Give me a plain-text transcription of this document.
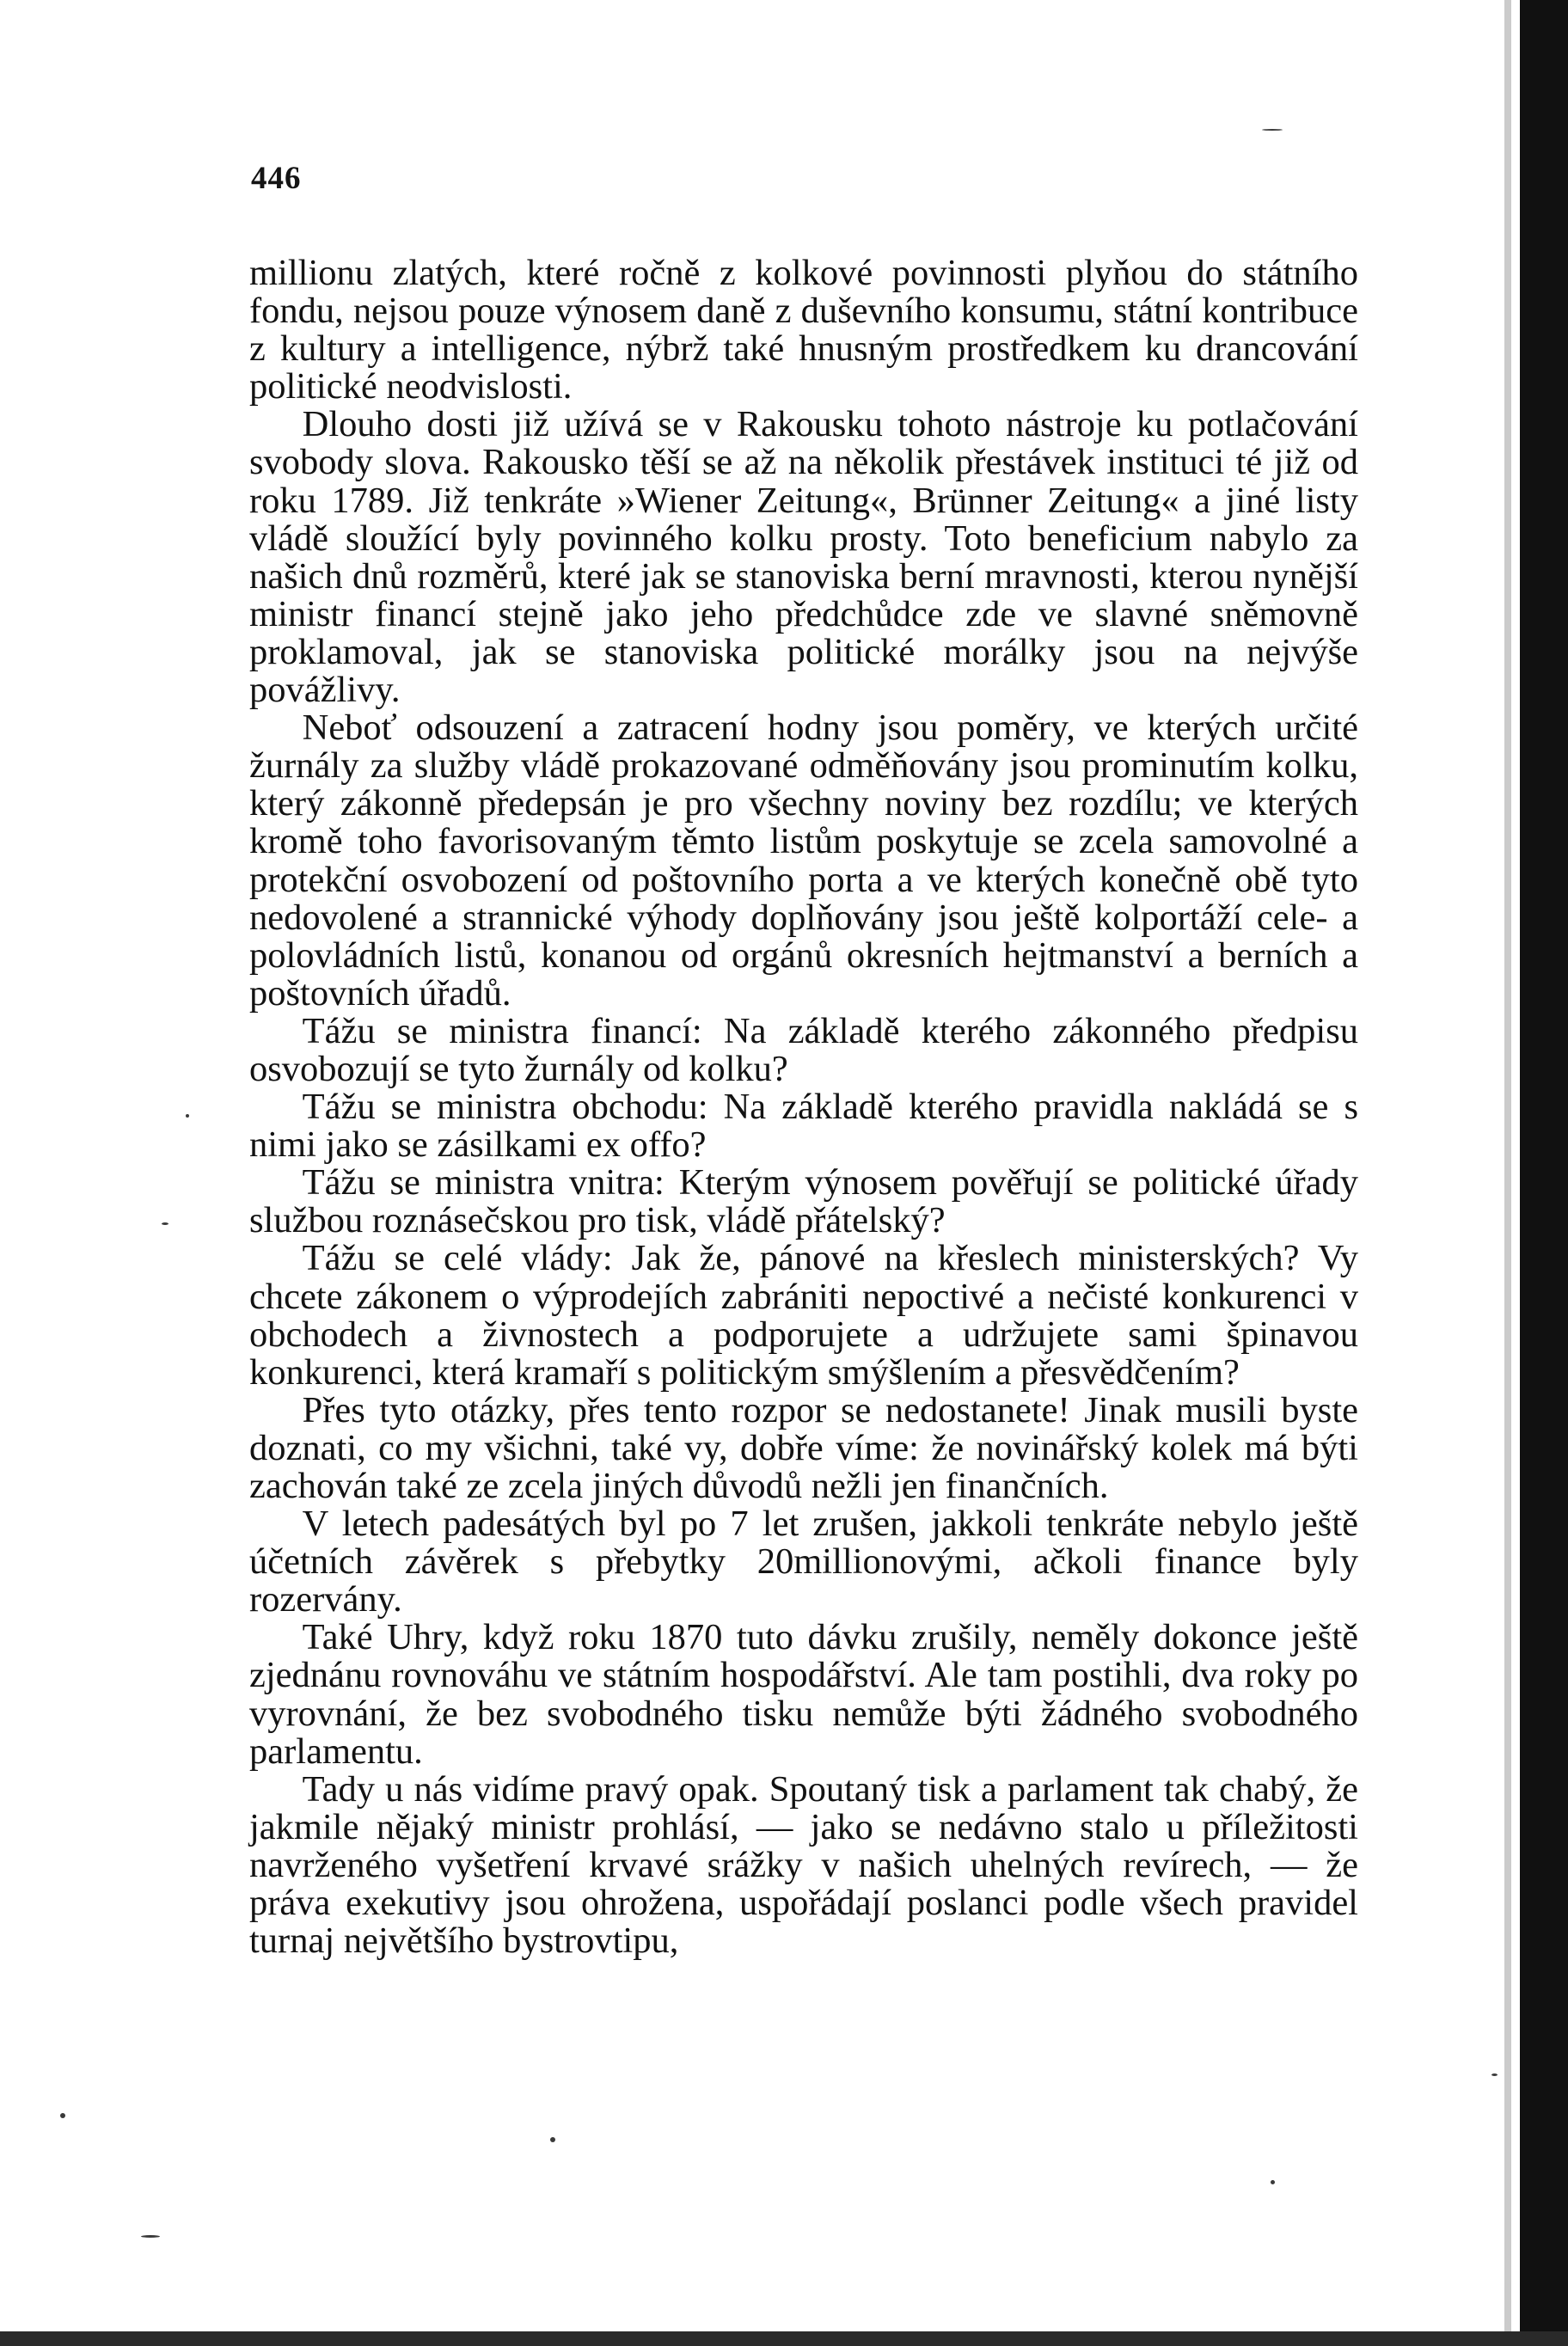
446

millionu zlatých, které ročně z kolkové povinnosti plyňou do státního fondu, nejsou pouze výnosem daně z duševního konsumu, státní kontribuce z kultury a intelligence, nýbrž také hnusným prostředkem ku drancování politické neodvislosti.

Dlouho dosti již užívá se v Rakousku tohoto nástroje ku potlačování svobody slova. Rakousko těší se až na několik přestávek instituci té již od roku 1789. Již tenkráte »Wiener Zeitung«, Brünner Zeitung« a jiné listy vládě sloužící byly povinného kolku prosty. Toto beneficium nabylo za našich dnů rozměrů, které jak se stanoviska berní mravnosti, kterou nynější ministr financí stejně jako jeho předchůdce zde ve slavné sněmovně proklamoval, jak se stanoviska politické morálky jsou na nejvýše povážlivy.

Neboť odsouzení a zatracení hodny jsou poměry, ve kterých určité žurnály za služby vládě prokazované odměňovány jsou prominutím kolku, který zákonně předepsán je pro všechny noviny bez rozdílu; ve kterých kromě toho favorisovaným těmto listům poskytuje se zcela samovolné a protekční osvobození od poštovního porta a ve kterých konečně obě tyto nedovolené a strannické výhody doplňovány jsou ještě kolportáží cele- a polovládních listů, konanou od orgánů okresních hejtmanství a berních a poštovních úřadů.

Tážu se ministra financí: Na základě kterého zákonného předpisu osvobozují se tyto žurnály od kolku?

Tážu se ministra obchodu: Na základě kterého pravidla nakládá se s nimi jako se zásilkami ex offo?

Tážu se ministra vnitra: Kterým výnosem pověřují se politické úřady službou roznásečskou pro tisk, vládě přátelský?

Tážu se celé vlády: Jak že, pánové na křeslech ministerských? Vy chcete zákonem o výprodejích zabrániti nepoctivé a nečisté konkurenci v obchodech a živnostech a podporujete a udržujete sami špinavou konkurenci, která kramaří s politickým smýšlením a přesvědčením?

Přes tyto otázky, přes tento rozpor se nedostanete! Jinak musili byste doznati, co my všichni, také vy, dobře víme: že novinářský kolek má býti zachován také ze zcela jiných důvodů nežli jen finančních.

V letech padesátých byl po 7 let zrušen, jakkoli tenkráte nebylo ještě účetních závěrek s přebytky 20millionovými, ačkoli finance byly rozervány.

Také Uhry, když roku 1870 tuto dávku zrušily, neměly dokonce ještě zjednánu rovnováhu ve státním hospodářství. Ale tam postihli, dva roky po vyrovnání, že bez svobodného tisku nemůže býti žádného svobodného parlamentu.

Tady u nás vidíme pravý opak. Spoutaný tisk a parlament tak chabý, že jakmile nějaký ministr prohlásí, — jako se nedávno stalo u příležitosti navrženého vyšetření krvavé srážky v našich uhelných revírech, — že práva exekutivy jsou ohrožena, uspořádají poslanci podle všech pravidel turnaj největšího bystrovtipu,
